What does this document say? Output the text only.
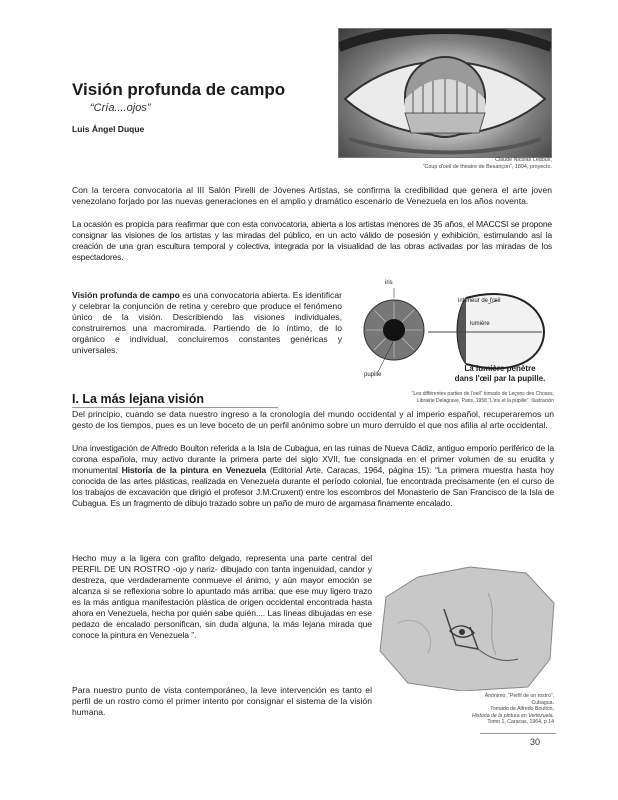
Visión profunda de campo
“Cría....ojos”
Luis Ángel Duque
Claude Nicolas Ledoux,
“Coup d'oeil de theatre de Besançon”, 1804, proyecto.
Con la tercera convocatoria al III Salón Pirelli de Jóvenes Artistas, se confirma la credibilidad que genera el arte joven venezolano forjado por las nuevas generaciones en el amplio y dramático escenario de Venezuela en los años noventa.
La ocasión es propicia para reafirmar que con esta convocatoria, abierta a los artistas menores de 35 años, el MACCSI se propone consignar las visiones de los artistas y las miradas del público, en un acto válido de posesión y exhibición, estimulando así la creación de una gran escultura temporal y colectiva, integrada por la visualidad de las obras activadas por las miradas de los espectadores.
Visión profunda de campo es una convocatoria abierta. Es identificar y celebrar la conjunción de retina y cerebro que produce el fenómeno único de la visión. Describiendo las visiones individuales, construiremos una macromirada. Partiendo de lo íntimo, de lo orgánico e individual, concluiremos constantes genéricas y universales.
iris
intérieur de l'œil
lumière
pupille
La lumière pénètre
dans l'œil par la pupille.
“Les différentes parties de l'oeil” tomado de Leçons des Choses,
Librairie Delagrave, Paris, 1958 “L'iris et la pupille”. Ilustración
I. La más lejana visión
Del principio, cuando se data nuestro ingreso a la cronología del mundo occidental y al imperio español, recuperaremos un gesto de los tiempos, pues es un leve boceto de un perfil anónimo sobre un muro derruido el que nos afilia al arte occidental.
Una investigación de Alfredo Boulton referida a la Isla de Cubagua, en las ruinas de Nueva Cádiz, antiguo emporio periférico de la corona española, muy activo durante la primera parte del siglo XVII, fue consignada en el primer volumen de su erudita y monumental Historia de la pintura en Venezuela (Editorial Arte, Caracas, 1964, página 15): “La primera muestra hasta hoy conocida de las artes plásticas, realizada en Venezuela durante el período colonial, fue encontrada precisamente (en el curso de los trabajos de excavación que dirigió el profesor J.M.Cruxent) entre los escombros del Monasterio de San Francisco de la Isla de Cubagua. Es un fragmento de dibujo trazado sobre un paño de muro de argamasa finamente encalado.
Hecho muy a la ligera con grafito delgado, representa una parte central del PERFIL DE UN ROSTRO -ojo y nariz- dibujado con tanta ingenuidad, candor y destreza, que verdaderamente conmueve el ánimo, y aún mayor emoción se alcanza si se reflexiona sobre lo apuntado más arriba: que ese muy ligero trazo es la más antigua manifestación plástica de origen occidental encontrada hasta ahora en Venezuela, hecha por quién sabe quién.... Las líneas dibujadas en ese pedazo de encalado personifican, sin duda alguna, la más lejana mirada que conoce la pintura en Venezuela ”.
Para nuestro punto de vista contemporáneo, la leve intervención es tanto el perfil de un rostro como el primer intento por consignar el sistema de la visión humana.
Anónimo, “Perfil de un rostro”,
Cubagua.
Tomado de Alfredo Boulton,
Historia de la pintura en Venezuela,
Tomo 1, Caracas, 1964, p.14
30
